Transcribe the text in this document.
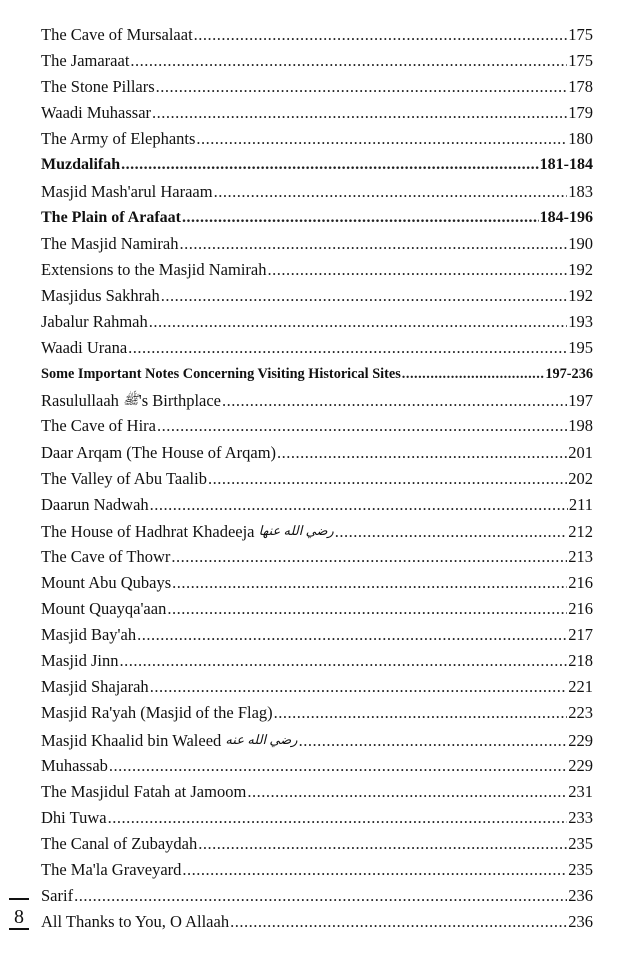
The Cave of Mursalaat .....	175
The Jamaraat .....	175
The Stone Pillars .....	178
Waadi Muhassar .....	179
The Army of Elephants .....	180
Muzdalifah .....	181-184
Masjid Mash'arul Haraam .....	183
The Plain of Arafaat .....	184-196
The Masjid Namirah .....	190
Extensions to the Masjid Namirah .....	192
Masjidus Sakhrah .....	192
Jabalur Rahmah .....	193
Waadi Urana .....	195
Some Important Notes Concerning Visiting Historical Sites .....	197-236
Rasulullaah ﷺ's Birthplace .....	197
The Cave of Hira .....	198
Daar Arqam (The House of Arqam) .....	201
The Valley of Abu Taalib .....	202
Daarun Nadwah .....	211
The House of Hadhrat Khadeeja رضي الله عنها .....	212
The Cave of Thowr .....	213
Mount Abu Qubays .....	216
Mount Quayqa'aan .....	216
Masjid Bay'ah .....	217
Masjid Jinn .....	218
Masjid Shajarah .....	221
Masjid Ra'yah (Masjid of the Flag) .....	223
Masjid Khaalid bin Waleed رضي الله عنه .....	229
Muhassab .....	229
The Masjidul Fatah at Jamoom .....	231
Dhi Tuwa .....	233
The Canal of Zubaydah .....	235
The Ma'la Graveyard .....	235
Sarif .....	236
All Thanks to You, O Allaah .....	236
8
